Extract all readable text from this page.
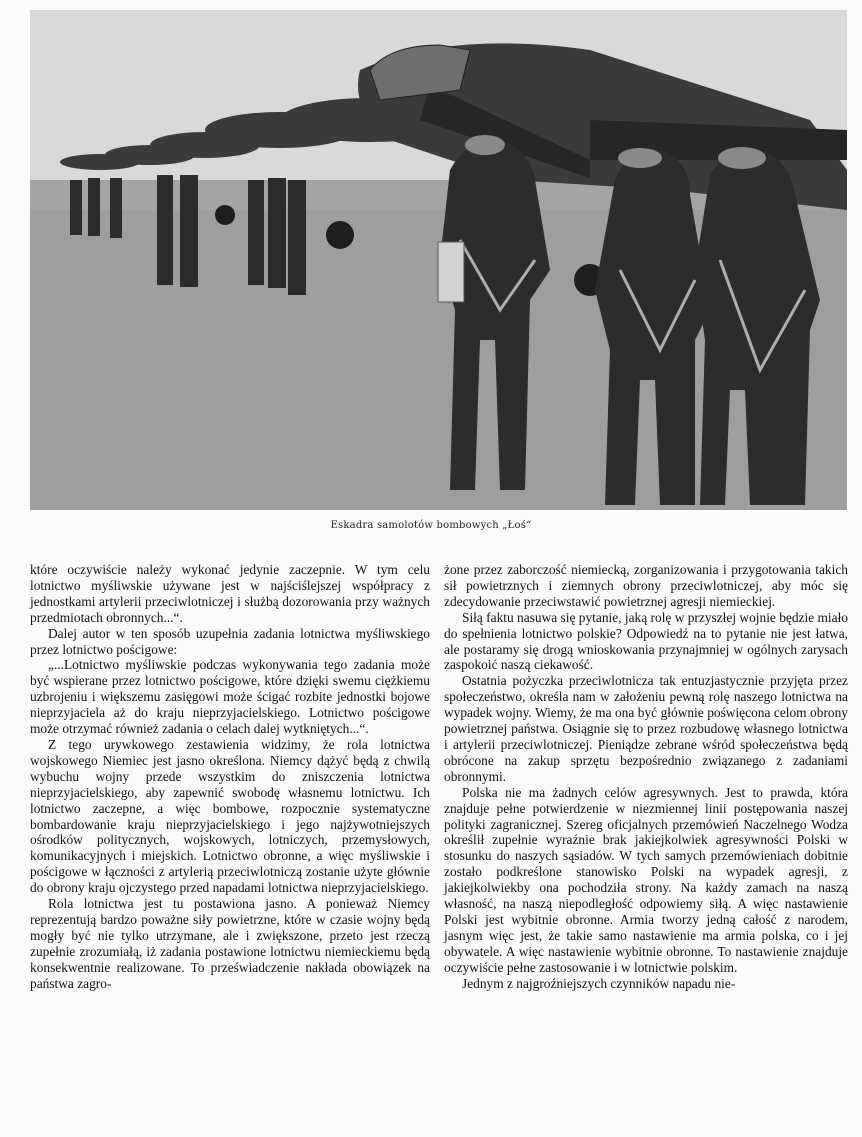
Eskadra samolotów bombowych „Łoś“

które oczywiście należy wykonać jedynie zaczepnie. W tym celu lotnictwo myśliwskie używane jest w najściślejszej współpracy z jednostkami artylerii przeciwlotniczej i służbą dozorowania przy ważnych przedmiotach obronnych...“.

Dalej autor w ten sposób uzupełnia zadania lotnictwa myśliwskiego przez lotnictwo pościgowe:

„...Lotnictwo myśliwskie podczas wykonywania tego zadania może być wspierane przez lotnictwo pościgowe, które dzięki swemu ciężkiemu uzbrojeniu i większemu zasięgowi może ścigać rozbite jednostki bojowe nieprzyjaciela aż do kraju nieprzyjacielskiego. Lotnictwo pościgowe może otrzymać również zadania o celach dalej wytkniętych...“.

Z tego urywkowego zestawienia widzimy, że rola lotnictwa wojskowego Niemiec jest jasno określona. Niemcy dążyć będą z chwilą wybuchu wojny przede wszystkim do zniszczenia lotnictwa nieprzyjacielskiego, aby zapewnić swobodę własnemu lotnictwu. Ich lotnictwo zaczepne, a więc bombowe, rozpocznie systematyczne bombardowanie kraju nieprzyjacielskiego i jego najżywotniejszych ośrodków politycznych, wojskowych, lotniczych, przemysłowych, komunikacyjnych i miejskich. Lotnictwo obronne, a więc myśliwskie i pościgowe w łączności z artylerią przeciwlotniczą zostanie użyte głównie do obrony kraju ojczystego przed napadami lotnictwa nieprzyjacielskiego.

Rola lotnictwa jest tu postawiona jasno. A ponieważ Niemcy reprezentują bardzo poważne siły powietrzne, które w czasie wojny będą mogły być nie tylko utrzymane, ale i zwiększone, przeto jest rzeczą zupełnie zrozumiałą, iż zadania postawione lotnictwu niemieckiemu będą konsekwentnie realizowane. To przeświadczenie nakłada obowiązek na państwa zagro-

żone przez zaborczość niemiecką, zorganizowania i przygotowania takich sił powietrznych i ziemnych obrony przeciwlotniczej, aby móc się zdecydowanie przeciwstawić powietrznej agresji niemieckiej.

Siłą faktu nasuwa się pytanie, jaką rolę w przyszłej wojnie będzie miało do spełnienia lotnictwo polskie? Odpowiedź na to pytanie nie jest łatwa, ale postaramy się drogą wnioskowania przynajmniej w ogólnych zarysach zaspokoić naszą ciekawość.

Ostatnia pożyczka przeciwlotnicza tak entuzjastycznie przyjęta przez społeczeństwo, określa nam w założeniu pewną rolę naszego lotnictwa na wypadek wojny. Wiemy, że ma ona być głównie poświęcona celom obrony powietrznej państwa. Osiągnie się to przez rozbudowę własnego lotnictwa i artylerii przeciwlotniczej. Pieniądze zebrane wśród społeczeństwa będą obrócone na zakup sprzętu bezpośrednio związanego z zadaniami obronnymi.

Polska nie ma żadnych celów agresywnych. Jest to prawda, która znajduje pełne potwierdzenie w niezmiennej linii postępowania naszej polityki zagranicznej. Szereg oficjalnych przemówień Naczelnego Wodza określił zupełnie wyraźnie brak jakiejkolwiek agresywności Polski w stosunku do naszych sąsiadów. W tych samych przemówieniach dobitnie zostało podkreślone stanowisko Polski na wypadek agresji, z jakiejkolwiekby ona pochodziła strony. Na każdy zamach na naszą własność, na naszą niepodległość odpowiemy siłą. A więc nastawienie Polski jest wybitnie obronne. Armia tworzy jedną całość z narodem, jasnym więc jest, że takie samo nastawienie ma armia polska, co i jej obywatele. A więc nastawienie wybitnie obronne. To nastawienie znajduje oczywiście pełne zastosowanie i w lotnictwie polskim.

Jednym z najgroźniejszych czynników napadu nie-
